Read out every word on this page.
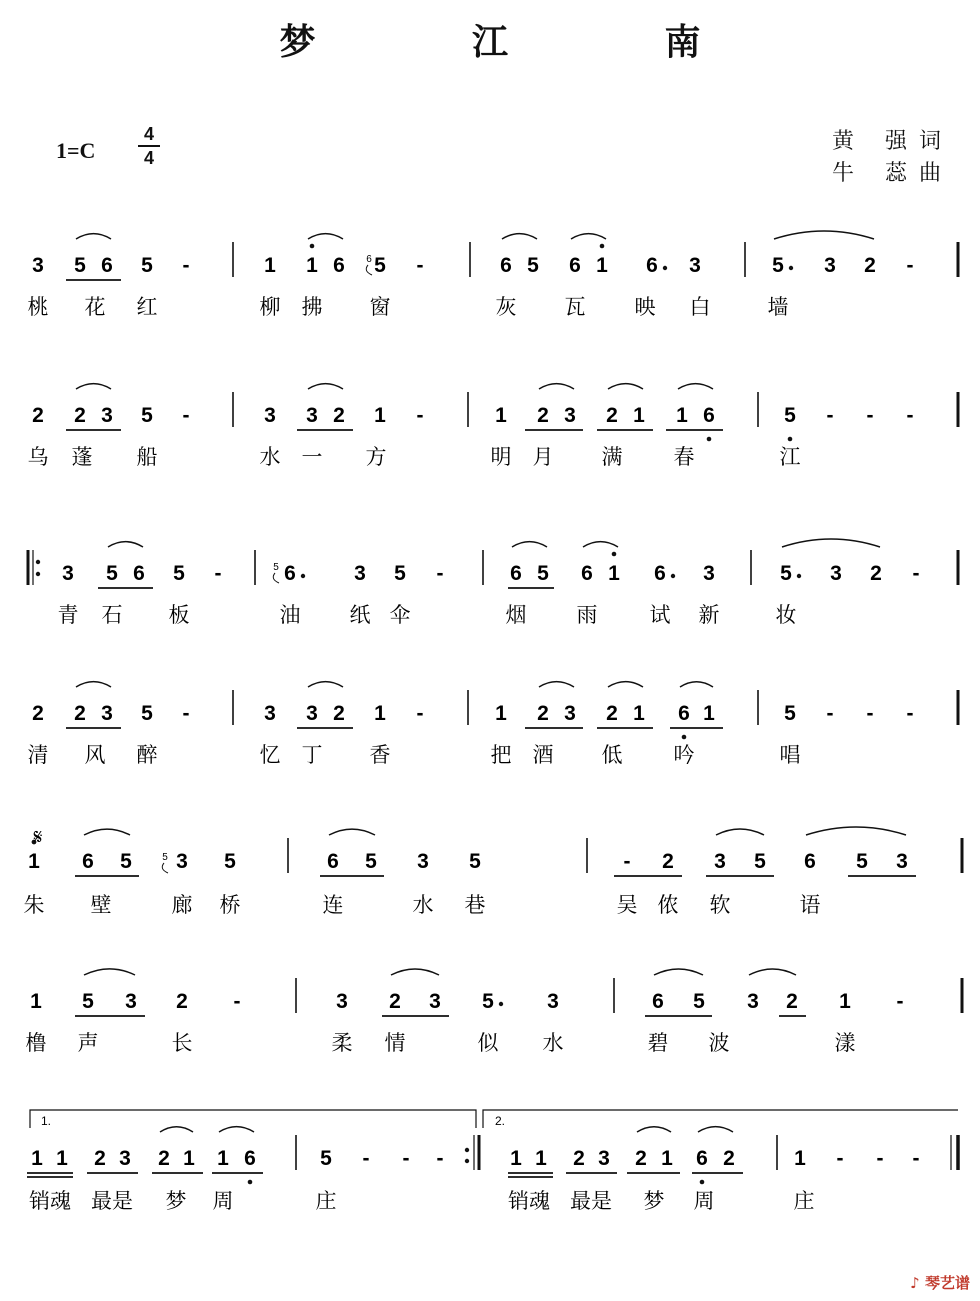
梦 江 南
1=C
4
4
黄 强词
牛 蕊曲
3 5 6 5 -	1 1 6 5 -	6 5 6 1 6 3	5 3 2 -
桃 花 红	柳 拂 窗	灰 瓦 映 白	墙
6
2 2 3 5 -	3 3 2 1 -	1 2 3 2 1 1 6	5 - - -
乌 蓬 船	水 一 方	明 月 满 春	江
3 5 6 5 -	6	3 5 -	6 5 6 1 6 3	5 3 2 -
青 石 板	油 纸 伞	烟 雨 试 新	妆
5
2 2 3 5 -	3 3 2 1 -	1 2 3 2 1 6 1	5 - - -
清 风 醉	忆 丁 香	把 酒 低 吟	唱
1 6 5 3 5	6 5 3 5	- 2 3 5 6 5 3
朱 壁	廊 桥	连	水 巷	吴 侬 软	语
5
1 5 3 2 -	3 2 3 5	3	6 5 3 2 1 -
橹 声	长	柔 情	似 水	碧 波	漾
1 1 2 3 2 1 1 6	5 - - -	1 1 2 3 2 1 6 2	1 - - -
销魂 最是 梦 周	庄	销魂 最是 梦 周	庄
𝄋
1.	2.
♪ 琴艺谱
